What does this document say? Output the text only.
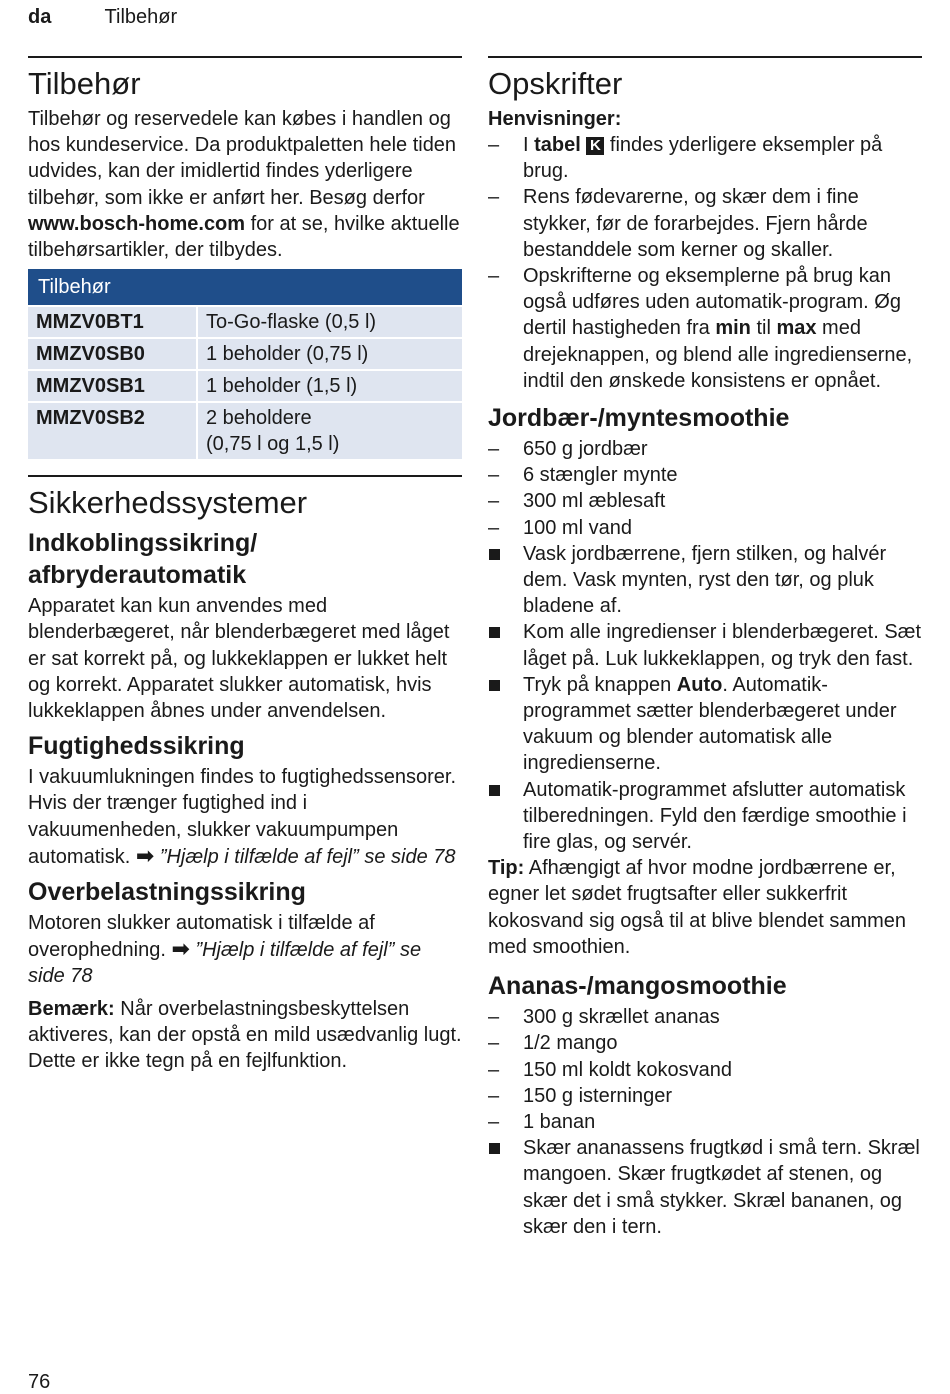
da	Tilbehør
Tilbehør

Tilbehør og reservedele kan købes i handlen og hos kundeservice. Da produktpaletten hele tiden udvides, kan der imidlertid findes yderligere tilbehør, som ikke er anført her. Besøg derfor www.bosch-home.com for at se, hvilke aktuelle tilbehørsartikler, der tilbydes.

Tilbehør		
MMZV0BT1		To-Go-flaske (0,5 l)
MMZV0SB0		1 beholder (0,75 l)
MMZV0SB1		1 beholder (1,5 l)
MMZV0SB2		2 beholdere
(0,75 l og 1,5 l)
Sikkerhedssystemer
Indkoblingssikring/
afbryderautomatik

Apparatet kan kun anvendes med blenderbægeret, når blenderbægeret med låget er sat korrekt på, og lukkeklappen er lukket helt og korrekt. Apparatet slukker automatisk, hvis lukkeklappen åbnes under anvendelsen.

Fugtighedssikring

I vakuumlukningen findes to fugtighedssensorer. Hvis der trænger fugtighed ind i vakuumenheden, slukker vakuumpumpen automatisk. ➡ ”Hjælp i tilfælde af fejl” se side 78

Overbelastningssikring

Motoren slukker automatisk i tilfælde af overophedning. ➡ ”Hjælp i tilfælde af fejl” se side 78

Bemærk: Når overbelastningsbeskyttelsen aktiveres, kan der opstå en mild usædvanlig lugt. Dette er ikke tegn på en fejlfunktion.

Opskrifter

Henvisninger:

–	I tabel K findes yderligere eksempler på brug.
–	Rens fødevarerne, og skær dem i fine stykker, før de forarbejdes. Fjern hårde bestanddele som kerner og skaller.
–	Opskrifterne og eksemplerne på brug kan også udføres uden automatik-program. Øg dertil hastigheden fra min til max med drejeknappen, og blend alle ingredienserne, indtil den ønskede konsistens er opnået.
Jordbær-/myntesmoothie
–	650 g jordbær
–	6 stængler mynte
–	300 ml æblesaft
–	100 ml vand
Vask jordbærrene, fjern stilken, og halvér dem. Vask mynten, ryst den tør, og pluk bladene af.
Kom alle ingredienser i blenderbægeret. Sæt låget på. Luk lukkeklappen, og tryk den fast.
Tryk på knappen Auto. Automatik-programmet sætter blenderbægeret under vakuum og blender automatisk alle ingredienserne.
Automatik-programmet afslutter automatisk tilberedningen. Fyld den færdige smoothie i fire glas, og servér.

Tip: Afhængigt af hvor modne jordbærrene er, egner let sødet frugtsafter eller sukkerfrit kokosvand sig også til at blive blendet sammen med smoothien.

Ananas-/mangosmoothie
–	300 g skrællet ananas
–	1/2 mango
–	150 ml koldt kokosvand
–	150 g isterninger
–	1 banan
Skær ananassens frugtkød i små tern. Skræl mangoen. Skær frugtkødet af stenen, og skær det i små stykker. Skræl bananen, og skær den i tern.
76
